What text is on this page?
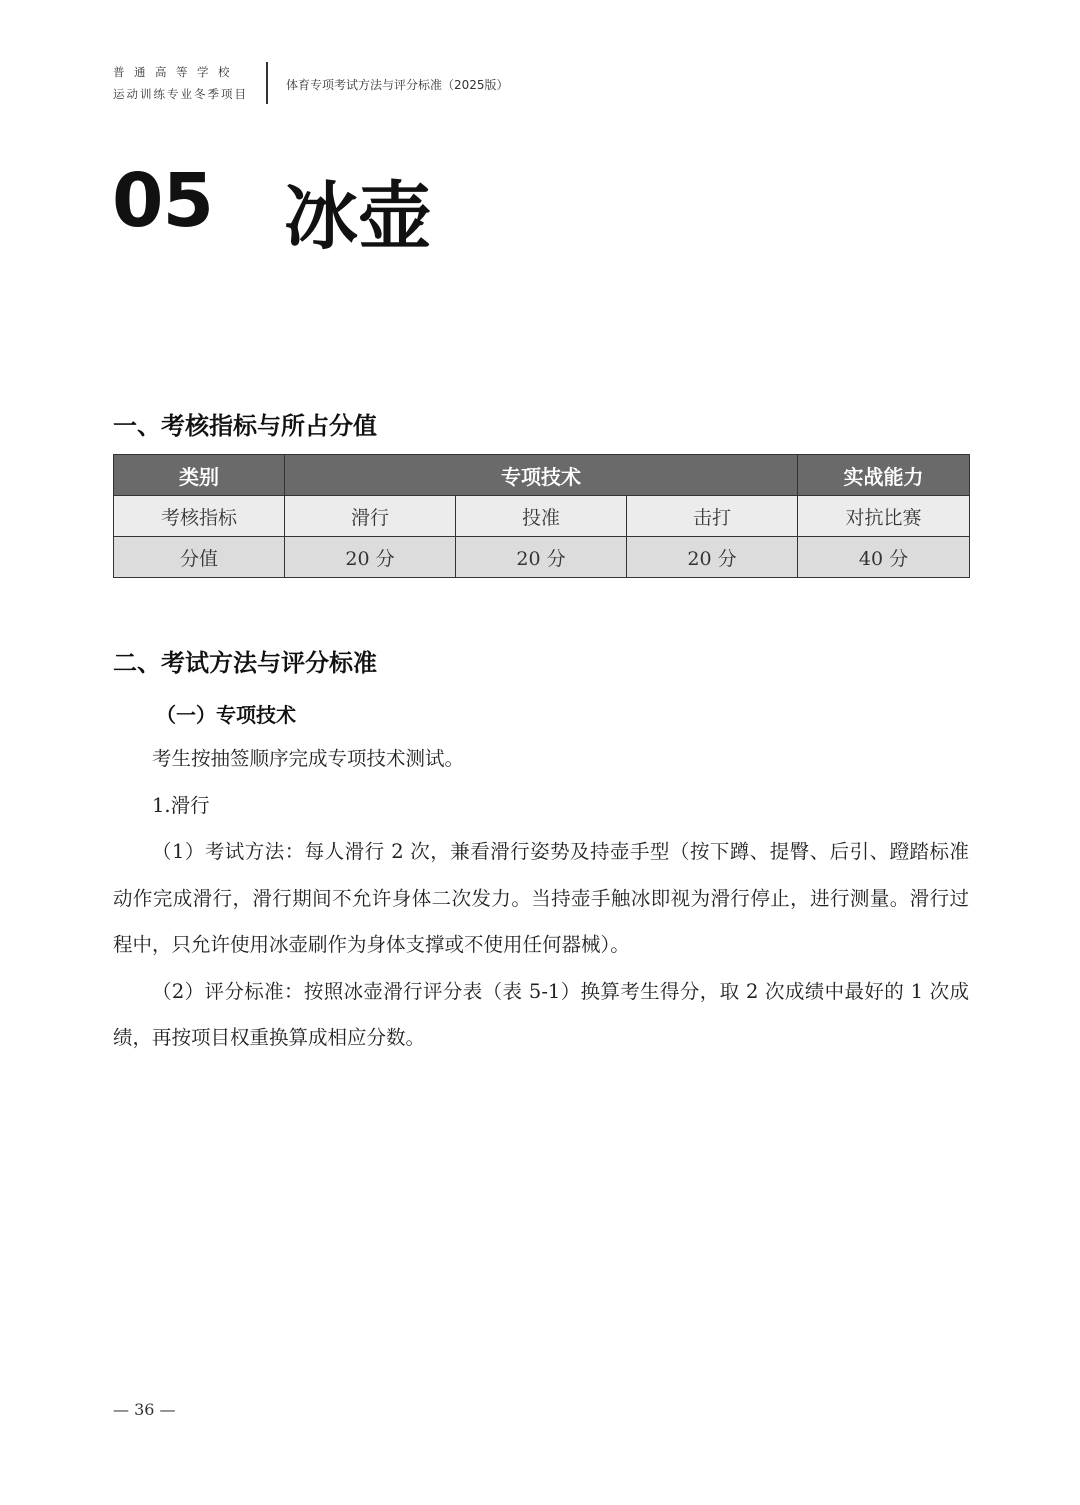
普通高等学校
运动训练专业冬季项目
体育专项考试方法与评分标准（2025版）
05 冰壶
一、考核指标与所占分值
类别	专项技术			实战能力
考核指标	滑行	投准	击打	对抗比赛
分值	20 分	20 分	20 分	40 分
二、考试方法与评分标准
（一）专项技术

考生按抽签顺序完成专项技术测试。

1.滑行

（1）考试方法：每人滑行 2 次，兼看滑行姿势及持壶手型（按下蹲、提臀、后引、蹬踏标准动作完成滑行，滑行期间不允许身体二次发力。当持壶手触冰即视为滑行停止，进行测量。滑行过程中，只允许使用冰壶刷作为身体支撑或不使用任何器械）。

（2）评分标准：按照冰壶滑行评分表（表 5-1）换算考生得分，取 2 次成绩中最好的 1 次成绩，再按项目权重换算成相应分数。

— 36 —
